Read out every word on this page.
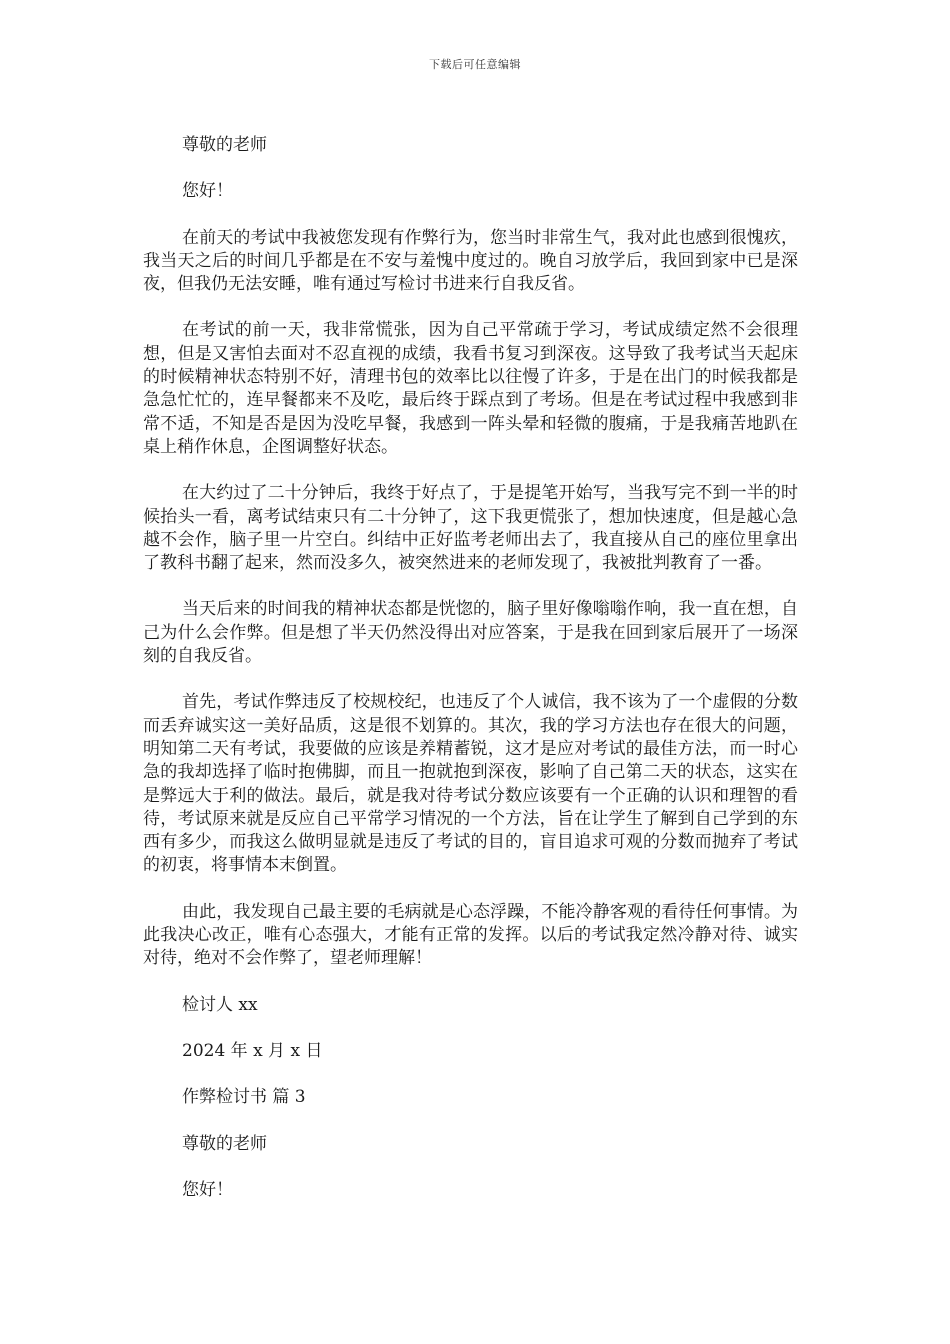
下载后可任意编辑

尊敬的老师

您好！

在前天的考试中我被您发现有作弊行为，您当时非常生气，我对此也感到很愧疚，我当天之后的时间几乎都是在不安与羞愧中度过的。晚自习放学后，我回到家中已是深夜，但我仍无法安睡，唯有通过写检讨书进来行自我反省。

在考试的前一天，我非常慌张，因为自己平常疏于学习，考试成绩定然不会很理想，但是又害怕去面对不忍直视的成绩，我看书复习到深夜。这导致了我考试当天起床的时候精神状态特别不好，清理书包的效率比以往慢了许多，于是在出门的时候我都是急急忙忙的，连早餐都来不及吃，最后终于踩点到了考场。但是在考试过程中我感到非常不适，不知是否是因为没吃早餐，我感到一阵头晕和轻微的腹痛，于是我痛苦地趴在桌上稍作休息，企图调整好状态。

在大约过了二十分钟后，我终于好点了，于是提笔开始写，当我写完不到一半的时候抬头一看，离考试结束只有二十分钟了，这下我更慌张了，想加快速度，但是越心急越不会作，脑子里一片空白。纠结中正好监考老师出去了，我直接从自己的座位里拿出了教科书翻了起来，然而没多久，被突然进来的老师发现了，我被批判教育了一番。

当天后来的时间我的精神状态都是恍惚的，脑子里好像嗡嗡作响，我一直在想，自己为什么会作弊。但是想了半天仍然没得出对应答案，于是我在回到家后展开了一场深刻的自我反省。

首先，考试作弊违反了校规校纪，也违反了个人诚信，我不该为了一个虚假的分数而丢弃诚实这一美好品质，这是很不划算的。其次，我的学习方法也存在很大的问题，明知第二天有考试，我要做的应该是养精蓄锐，这才是应对考试的最佳方法，而一时心急的我却选择了临时抱佛脚，而且一抱就抱到深夜，影响了自己第二天的状态，这实在是弊远大于利的做法。最后，就是我对待考试分数应该要有一个正确的认识和理智的看待，考试原来就是反应自己平常学习情况的一个方法，旨在让学生了解到自己学到的东西有多少，而我这么做明显就是违反了考试的目的，盲目追求可观的分数而抛弃了考试的初衷，将事情本末倒置。

由此，我发现自己最主要的毛病就是心态浮躁，不能冷静客观的看待任何事情。为此我决心改正，唯有心态强大，才能有正常的发挥。以后的考试我定然冷静对待、诚实对待，绝对不会作弊了，望老师理解！

检讨人 xx

2024 年 x 月 x 日

作弊检讨书 篇 3

尊敬的老师

您好！
